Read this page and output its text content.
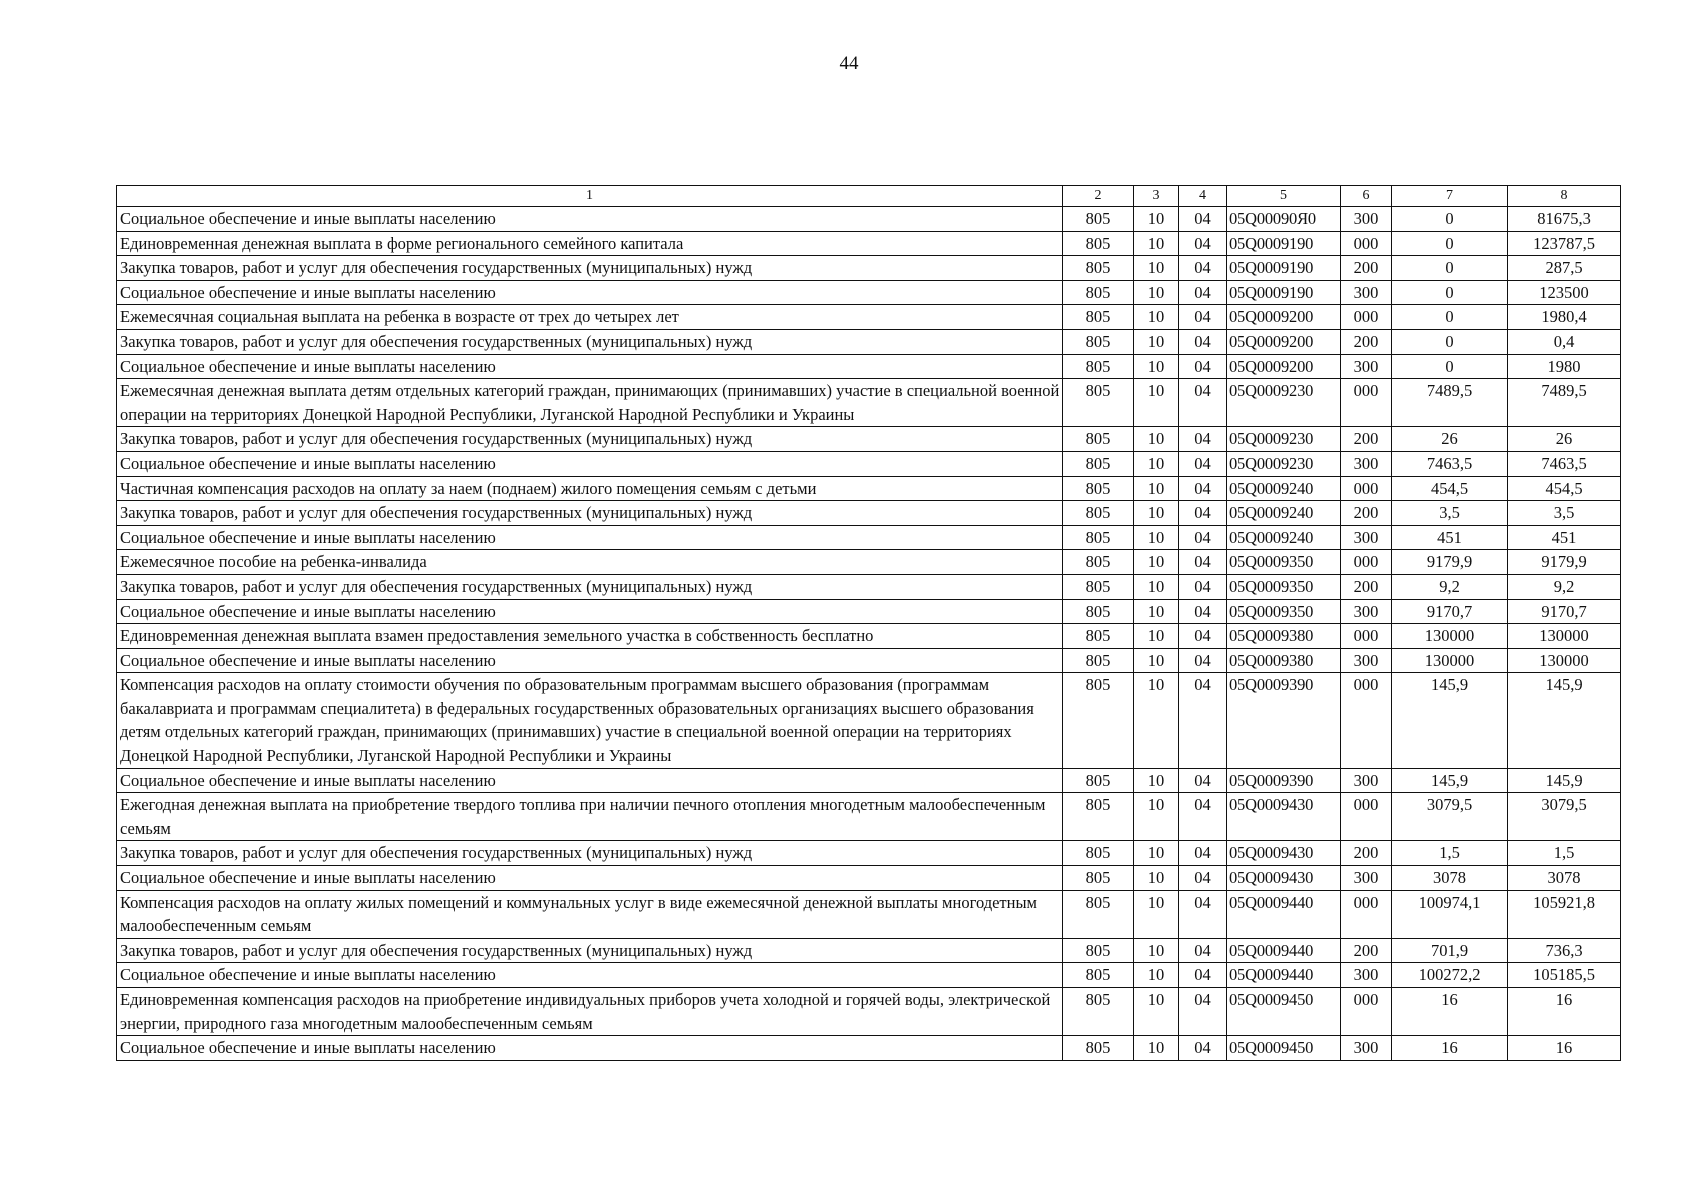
44
1	2	3	4	5	6	7	8
Социальное обеспечение и иные выплаты населению	805	10	04	05Q00090Я0	300	0	81675,3
Единовременная денежная выплата в форме регионального семейного капитала	805	10	04	05Q0009190	000	0	123787,5
Закупка товаров, работ и услуг для обеспечения государственных (муниципальных) нужд	805	10	04	05Q0009190	200	0	287,5
Социальное обеспечение и иные выплаты населению	805	10	04	05Q0009190	300	0	123500
Ежемесячная социальная выплата на ребенка в возрасте от трех до четырех лет	805	10	04	05Q0009200	000	0	1980,4
Закупка товаров, работ и услуг для обеспечения государственных (муниципальных) нужд	805	10	04	05Q0009200	200	0	0,4
Социальное обеспечение и иные выплаты населению	805	10	04	05Q0009200	300	0	1980
Ежемесячная денежная выплата детям отдельных категорий граждан, принимающих (принимавших) участие в специальной военной операции на территориях Донецкой Народной Республики, Луганской Народной Республики и Украины	805	10	04	05Q0009230	000	7489,5	7489,5
Закупка товаров, работ и услуг для обеспечения государственных (муниципальных) нужд	805	10	04	05Q0009230	200	26	26
Социальное обеспечение и иные выплаты населению	805	10	04	05Q0009230	300	7463,5	7463,5
Частичная компенсация расходов на оплату за наем (поднаем) жилого помещения семьям с детьми	805	10	04	05Q0009240	000	454,5	454,5
Закупка товаров, работ и услуг для обеспечения государственных (муниципальных) нужд	805	10	04	05Q0009240	200	3,5	3,5
Социальное обеспечение и иные выплаты населению	805	10	04	05Q0009240	300	451	451
Ежемесячное пособие на ребенка-инвалида	805	10	04	05Q0009350	000	9179,9	9179,9
Закупка товаров, работ и услуг для обеспечения государственных (муниципальных) нужд	805	10	04	05Q0009350	200	9,2	9,2
Социальное обеспечение и иные выплаты населению	805	10	04	05Q0009350	300	9170,7	9170,7
Единовременная денежная выплата взамен предоставления земельного участка в собственность бесплатно	805	10	04	05Q0009380	000	130000	130000
Социальное обеспечение и иные выплаты населению	805	10	04	05Q0009380	300	130000	130000
Компенсация расходов на оплату стоимости обучения по образовательным программам высшего образования (программам бакалавриата и программам специалитета) в федеральных государственных образовательных организациях высшего образования детям отдельных категорий граждан, принимающих (принимавших) участие в специальной военной операции на территориях Донецкой Народной Республики, Луганской Народной Республики и Украины	805	10	04	05Q0009390	000	145,9	145,9
Социальное обеспечение и иные выплаты населению	805	10	04	05Q0009390	300	145,9	145,9
Ежегодная денежная выплата на приобретение твердого топлива при наличии печного отопления многодетным малообеспеченным семьям	805	10	04	05Q0009430	000	3079,5	3079,5
Закупка товаров, работ и услуг для обеспечения государственных (муниципальных) нужд	805	10	04	05Q0009430	200	1,5	1,5
Социальное обеспечение и иные выплаты населению	805	10	04	05Q0009430	300	3078	3078
Компенсация расходов на оплату жилых помещений и коммунальных услуг в виде ежемесячной денежной выплаты многодетным малообеспеченным семьям	805	10	04	05Q0009440	000	100974,1	105921,8
Закупка товаров, работ и услуг для обеспечения государственных (муниципальных) нужд	805	10	04	05Q0009440	200	701,9	736,3
Социальное обеспечение и иные выплаты населению	805	10	04	05Q0009440	300	100272,2	105185,5
Единовременная компенсация расходов на приобретение индивидуальных приборов учета холодной и горячей воды, электрической энергии, природного газа многодетным малообеспеченным семьям	805	10	04	05Q0009450	000	16	16
Социальное обеспечение и иные выплаты населению	805	10	04	05Q0009450	300	16	16
